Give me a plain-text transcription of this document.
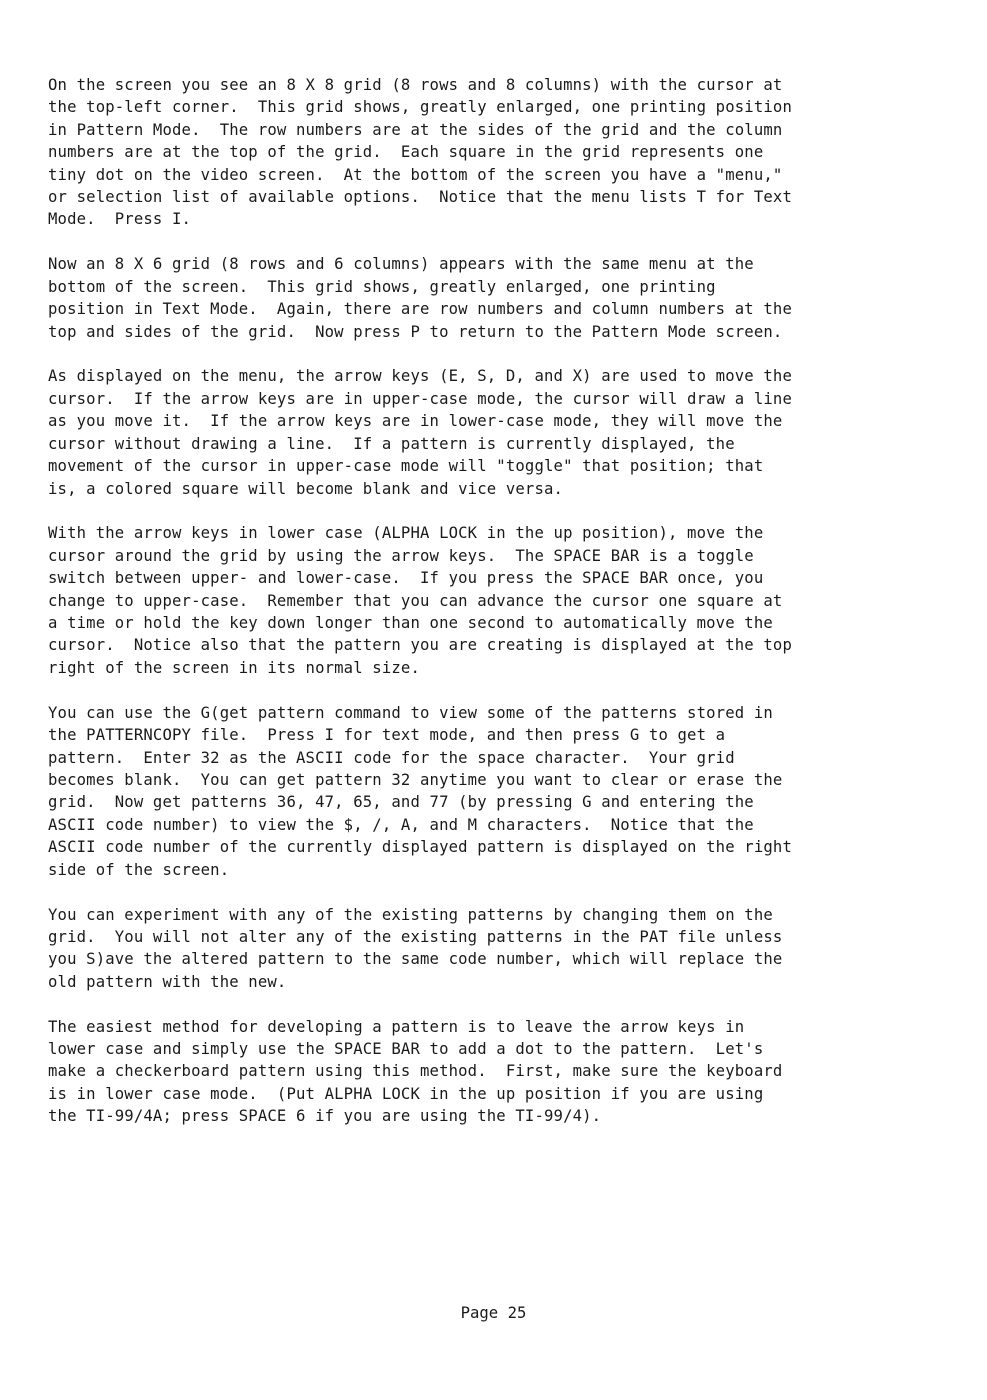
On the screen you see an 8 X 8 grid (8 rows and 8 columns) with the cursor at
the top-left corner.  This grid shows, greatly enlarged, one printing position
in Pattern Mode.  The row numbers are at the sides of the grid and the column
numbers are at the top of the grid.  Each square in the grid represents one
tiny dot on the video screen.  At the bottom of the screen you have a "menu,"
or selection list of available options.  Notice that the menu lists T for Text
Mode.  Press I.
Now an 8 X 6 grid (8 rows and 6 columns) appears with the same menu at the
bottom of the screen.  This grid shows, greatly enlarged, one printing
position in Text Mode.  Again, there are row numbers and column numbers at the
top and sides of the grid.  Now press P to return to the Pattern Mode screen.
As displayed on the menu, the arrow keys (E, S, D, and X) are used to move the
cursor.  If the arrow keys are in upper-case mode, the cursor will draw a line
as you move it.  If the arrow keys are in lower-case mode, they will move the
cursor without drawing a line.  If a pattern is currently displayed, the
movement of the cursor in upper-case mode will "toggle" that position; that
is, a colored square will become blank and vice versa.
With the arrow keys in lower case (ALPHA LOCK in the up position), move the
cursor around the grid by using the arrow keys.  The SPACE BAR is a toggle
switch between upper- and lower-case.  If you press the SPACE BAR once, you
change to upper-case.  Remember that you can advance the cursor one square at
a time or hold the key down longer than one second to automatically move the
cursor.  Notice also that the pattern you are creating is displayed at the top
right of the screen in its normal size.
You can use the G(get pattern command to view some of the patterns stored in
the PATTERNCOPY file.  Press I for text mode, and then press G to get a
pattern.  Enter 32 as the ASCII code for the space character.  Your grid
becomes blank.  You can get pattern 32 anytime you want to clear or erase the
grid.  Now get patterns 36, 47, 65, and 77 (by pressing G and entering the
ASCII code number) to view the $, /, A, and M characters.  Notice that the
ASCII code number of the currently displayed pattern is displayed on the right
side of the screen.
You can experiment with any of the existing patterns by changing them on the
grid.  You will not alter any of the existing patterns in the PAT file unless
you S)ave the altered pattern to the same code number, which will replace the
old pattern with the new.
The easiest method for developing a pattern is to leave the arrow keys in
lower case and simply use the SPACE BAR to add a dot to the pattern.  Let's
make a checkerboard pattern using this method.  First, make sure the keyboard
is in lower case mode.  (Put ALPHA LOCK in the up position if you are using
the TI-99/4A; press SPACE 6 if you are using the TI-99/4).
Page 25
